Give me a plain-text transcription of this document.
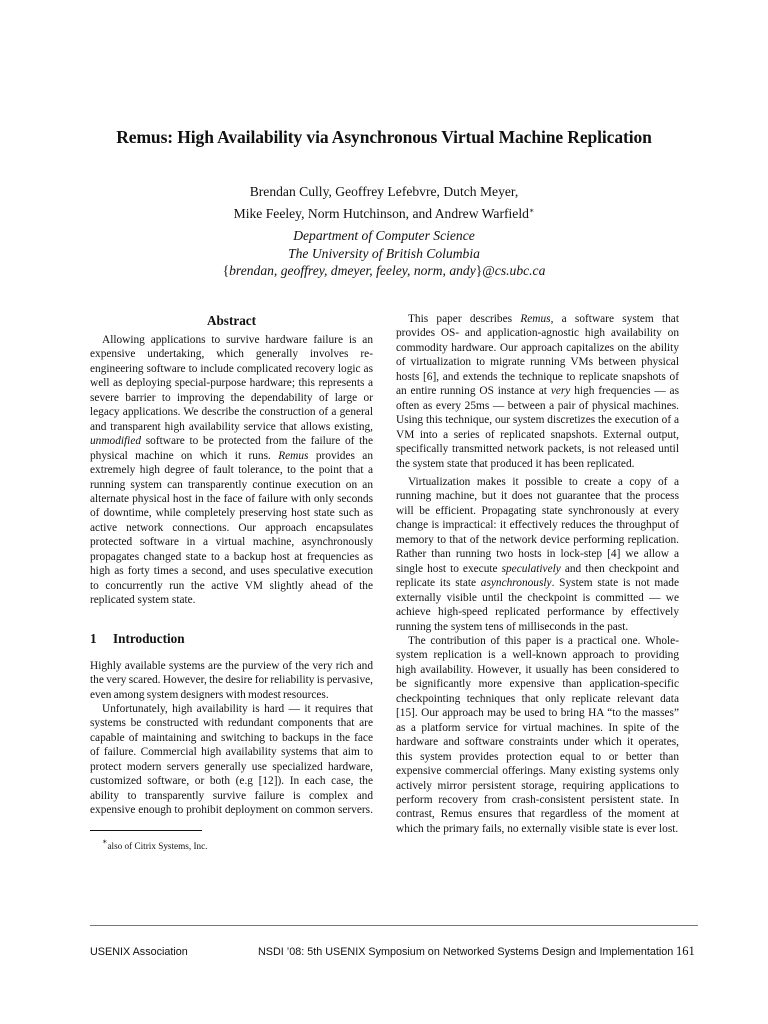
Remus: High Availability via Asynchronous Virtual Machine Replication
Brendan Cully, Geoffrey Lefebvre, Dutch Meyer,
Mike Feeley, Norm Hutchinson, and Andrew Warfield∗
Department of Computer Science
The University of British Columbia
{brendan, geoffrey, dmeyer, feeley, norm, andy}@cs.ubc.ca
Abstract

Allowing applications to survive hardware failure is an expensive undertaking, which generally involves re-engineering software to include complicated recovery logic as well as deploying special-purpose hardware; this represents a severe barrier to improving the dependability of large or legacy applications. We describe the construction of a general and transparent high availability service that allows existing, unmodified software to be protected from the failure of the physical machine on which it runs. Remus provides an extremely high degree of fault tolerance, to the point that a running system can transparently continue execution on an alternate physical host in the face of failure with only seconds of downtime, while completely preserving host state such as active network connections. Our approach encapsulates protected software in a virtual machine, asynchronously propagates changed state to a backup host at frequencies as high as forty times a second, and uses speculative execution to concurrently run the active VM slightly ahead of the replicated system state.

1 Introduction

Highly available systems are the purview of the very rich and the very scared. However, the desire for reliability is pervasive, even among system designers with modest resources.

Unfortunately, high availability is hard — it requires that systems be constructed with redundant components that are capable of maintaining and switching to backups in the face of failure. Commercial high availability systems that aim to protect modern servers generally use specialized hardware, customized software, or both (e.g [12]). In each case, the ability to transparently survive failure is complex and expensive enough to prohibit deployment on common servers.

∗also of Citrix Systems, Inc.

This paper describes Remus, a software system that provides OS- and application-agnostic high availability on commodity hardware. Our approach capitalizes on the ability of virtualization to migrate running VMs between physical hosts [6], and extends the technique to replicate snapshots of an entire running OS instance at very high frequencies — as often as every 25ms — between a pair of physical machines. Using this technique, our system discretizes the execution of a VM into a series of replicated snapshots. External output, specifically transmitted network packets, is not released until the system state that produced it has been replicated.

Virtualization makes it possible to create a copy of a running machine, but it does not guarantee that the process will be efficient. Propagating state synchronously at every change is impractical: it effectively reduces the throughput of memory to that of the network device performing replication. Rather than running two hosts in lock-step [4] we allow a single host to execute speculatively and then checkpoint and replicate its state asynchronously. System state is not made externally visible until the checkpoint is committed — we achieve high-speed replicated performance by effectively running the system tens of milliseconds in the past.

The contribution of this paper is a practical one. Whole-system replication is a well-known approach to providing high availability. However, it usually has been considered to be significantly more expensive than application-specific checkpointing techniques that only replicate relevant data [15]. Our approach may be used to bring HA “to the masses” as a platform service for virtual machines. In spite of the hardware and software constraints under which it operates, this system provides protection equal to or better than expensive commercial offerings. Many existing systems only actively mirror persistent storage, requiring applications to perform recovery from crash-consistent persistent state. In contrast, Remus ensures that regardless of the moment at which the primary fails, no externally visible state is ever lost.

USENIX Association	NSDI ’08: 5th USENIX Symposium on Networked Systems Design and Implementation 161
